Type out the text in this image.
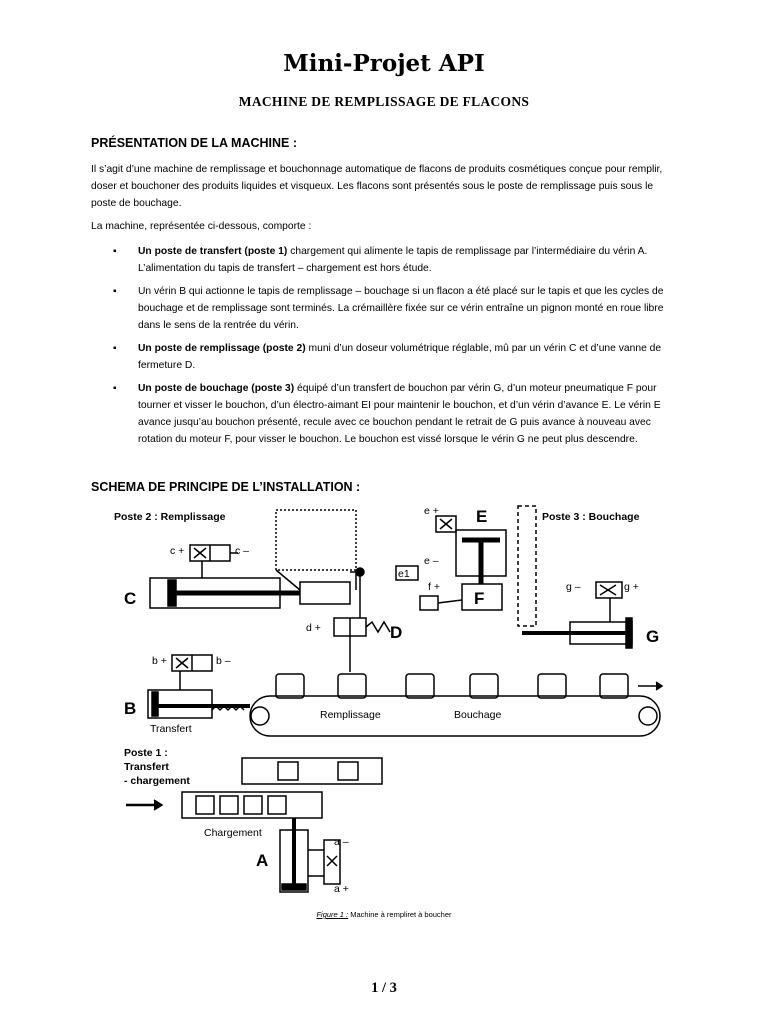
Mini-Projet API
MACHINE DE REMPLISSAGE DE FLACONS
PRÉSENTATION DE LA MACHINE :

Il s’agit d’une machine de remplissage et bouchonnage automatique de flacons de produits cosmétiques conçue pour remplir, doser et bouchoner des produits liquides et visqueux. Les flacons sont présentés sous le poste de remplissage puis sous le poste de bouchage.

La machine, représentée ci-dessous, comporte :

▪ Un poste de transfert (poste 1) chargement qui alimente le tapis de remplissage par l’intermédiaire du vérin A. L’alimentation du tapis de transfert – chargement est hors étude.
▪ Un vérin B qui actionne le tapis de remplissage – bouchage si un flacon a été placé sur le tapis et que les cycles de bouchage et de remplissage sont terminés. La crémaillère fixée sur ce vérin entraîne un pignon monté en roue libre dans le sens de la rentrée du vérin.
▪ Un poste de remplissage (poste 2) muni d’un doseur volumétrique réglable, mû par un vérin C et d’une vanne de fermeture D.
▪ Un poste de bouchage (poste 3) équipé d’un transfert de bouchon par vérin G, d’un moteur pneumatique F pour tourner et visser le bouchon, d’un électro-aimant EI pour maintenir le bouchon, et d’un vérin d’avance E. Le vérin E avance jusqu’au bouchon présenté, recule avec ce bouchon pendant le retrait de G puis avance à nouveau avec rotation du moteur F, pour visser le bouchon. Le bouchon est vissé lorsque le vérin G ne peut plus descendre.
SCHEMA DE PRINCIPE DE L’INSTALLATION :
Poste 2 : Remplissage
c +	c –
C
d +	D
b +	b –
B
Transfert
Remplissage	Bouchage
Poste 3 : Bouchage
E
e +
e –
e1
F
f +	g –	g +
G
Poste 1 :
Transfert
- chargement
Chargement
A
a –
a +
Figure 1 : Machine à rempliret à boucher
1 / 3
